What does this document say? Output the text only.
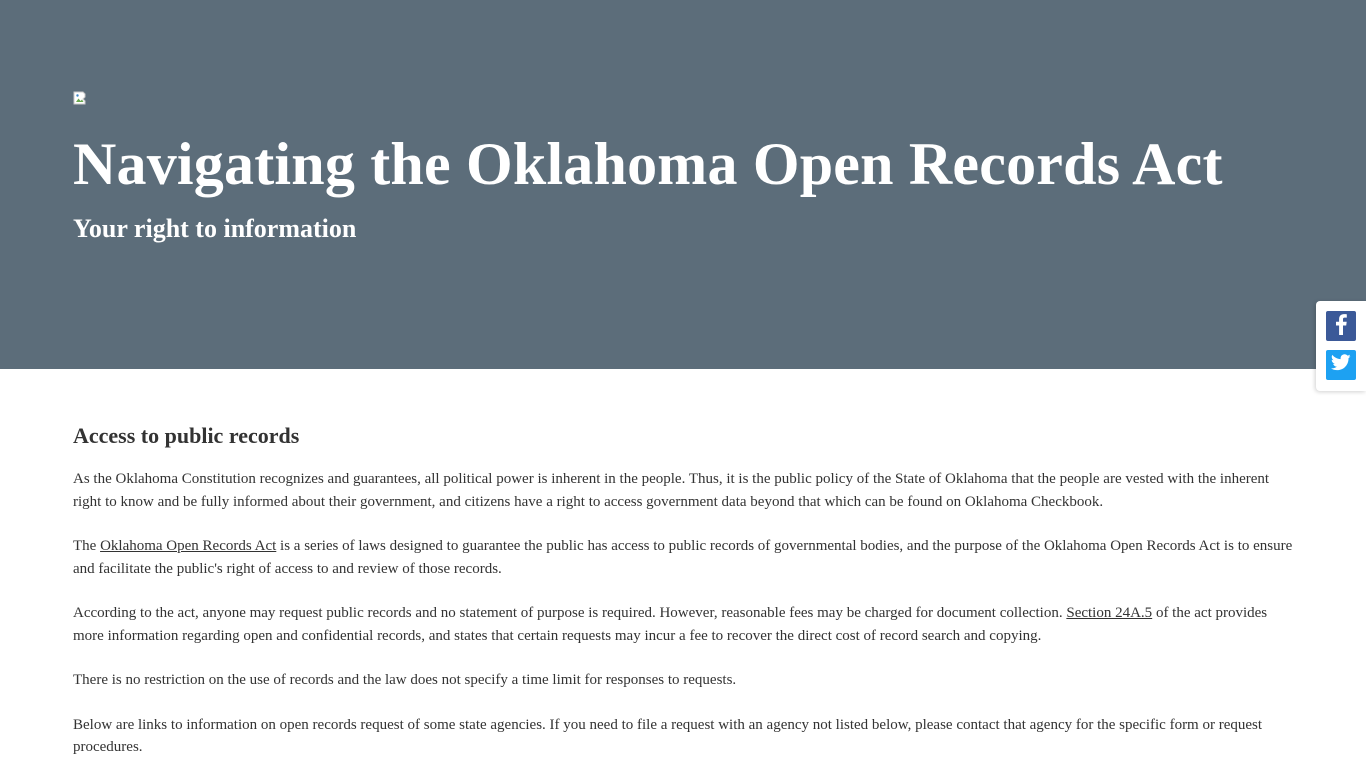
Navigating the Oklahoma Open Records Act
Your right to information
Access to public records

As the Oklahoma Constitution recognizes and guarantees, all political power is inherent in the people. Thus, it is the public policy of the State of Oklahoma that the people are vested with the inherent right to know and be fully informed about their government, and citizens have a right to access government data beyond that which can be found on Oklahoma Checkbook.

The Oklahoma Open Records Act is a series of laws designed to guarantee the public has access to public records of governmental bodies, and the purpose of the Oklahoma Open Records Act is to ensure and facilitate the public's right of access to and review of those records.

According to the act, anyone may request public records and no statement of purpose is required. However, reasonable fees may be charged for document collection. Section 24A.5 of the act provides more information regarding open and confidential records, and states that certain requests may incur a fee to recover the direct cost of record search and copying.

There is no restriction on the use of records and the law does not specify a time limit for responses to requests.

Below are links to information on open records request of some state agencies. If you need to file a request with an agency not listed below, please contact that agency for the specific form or request procedures.
